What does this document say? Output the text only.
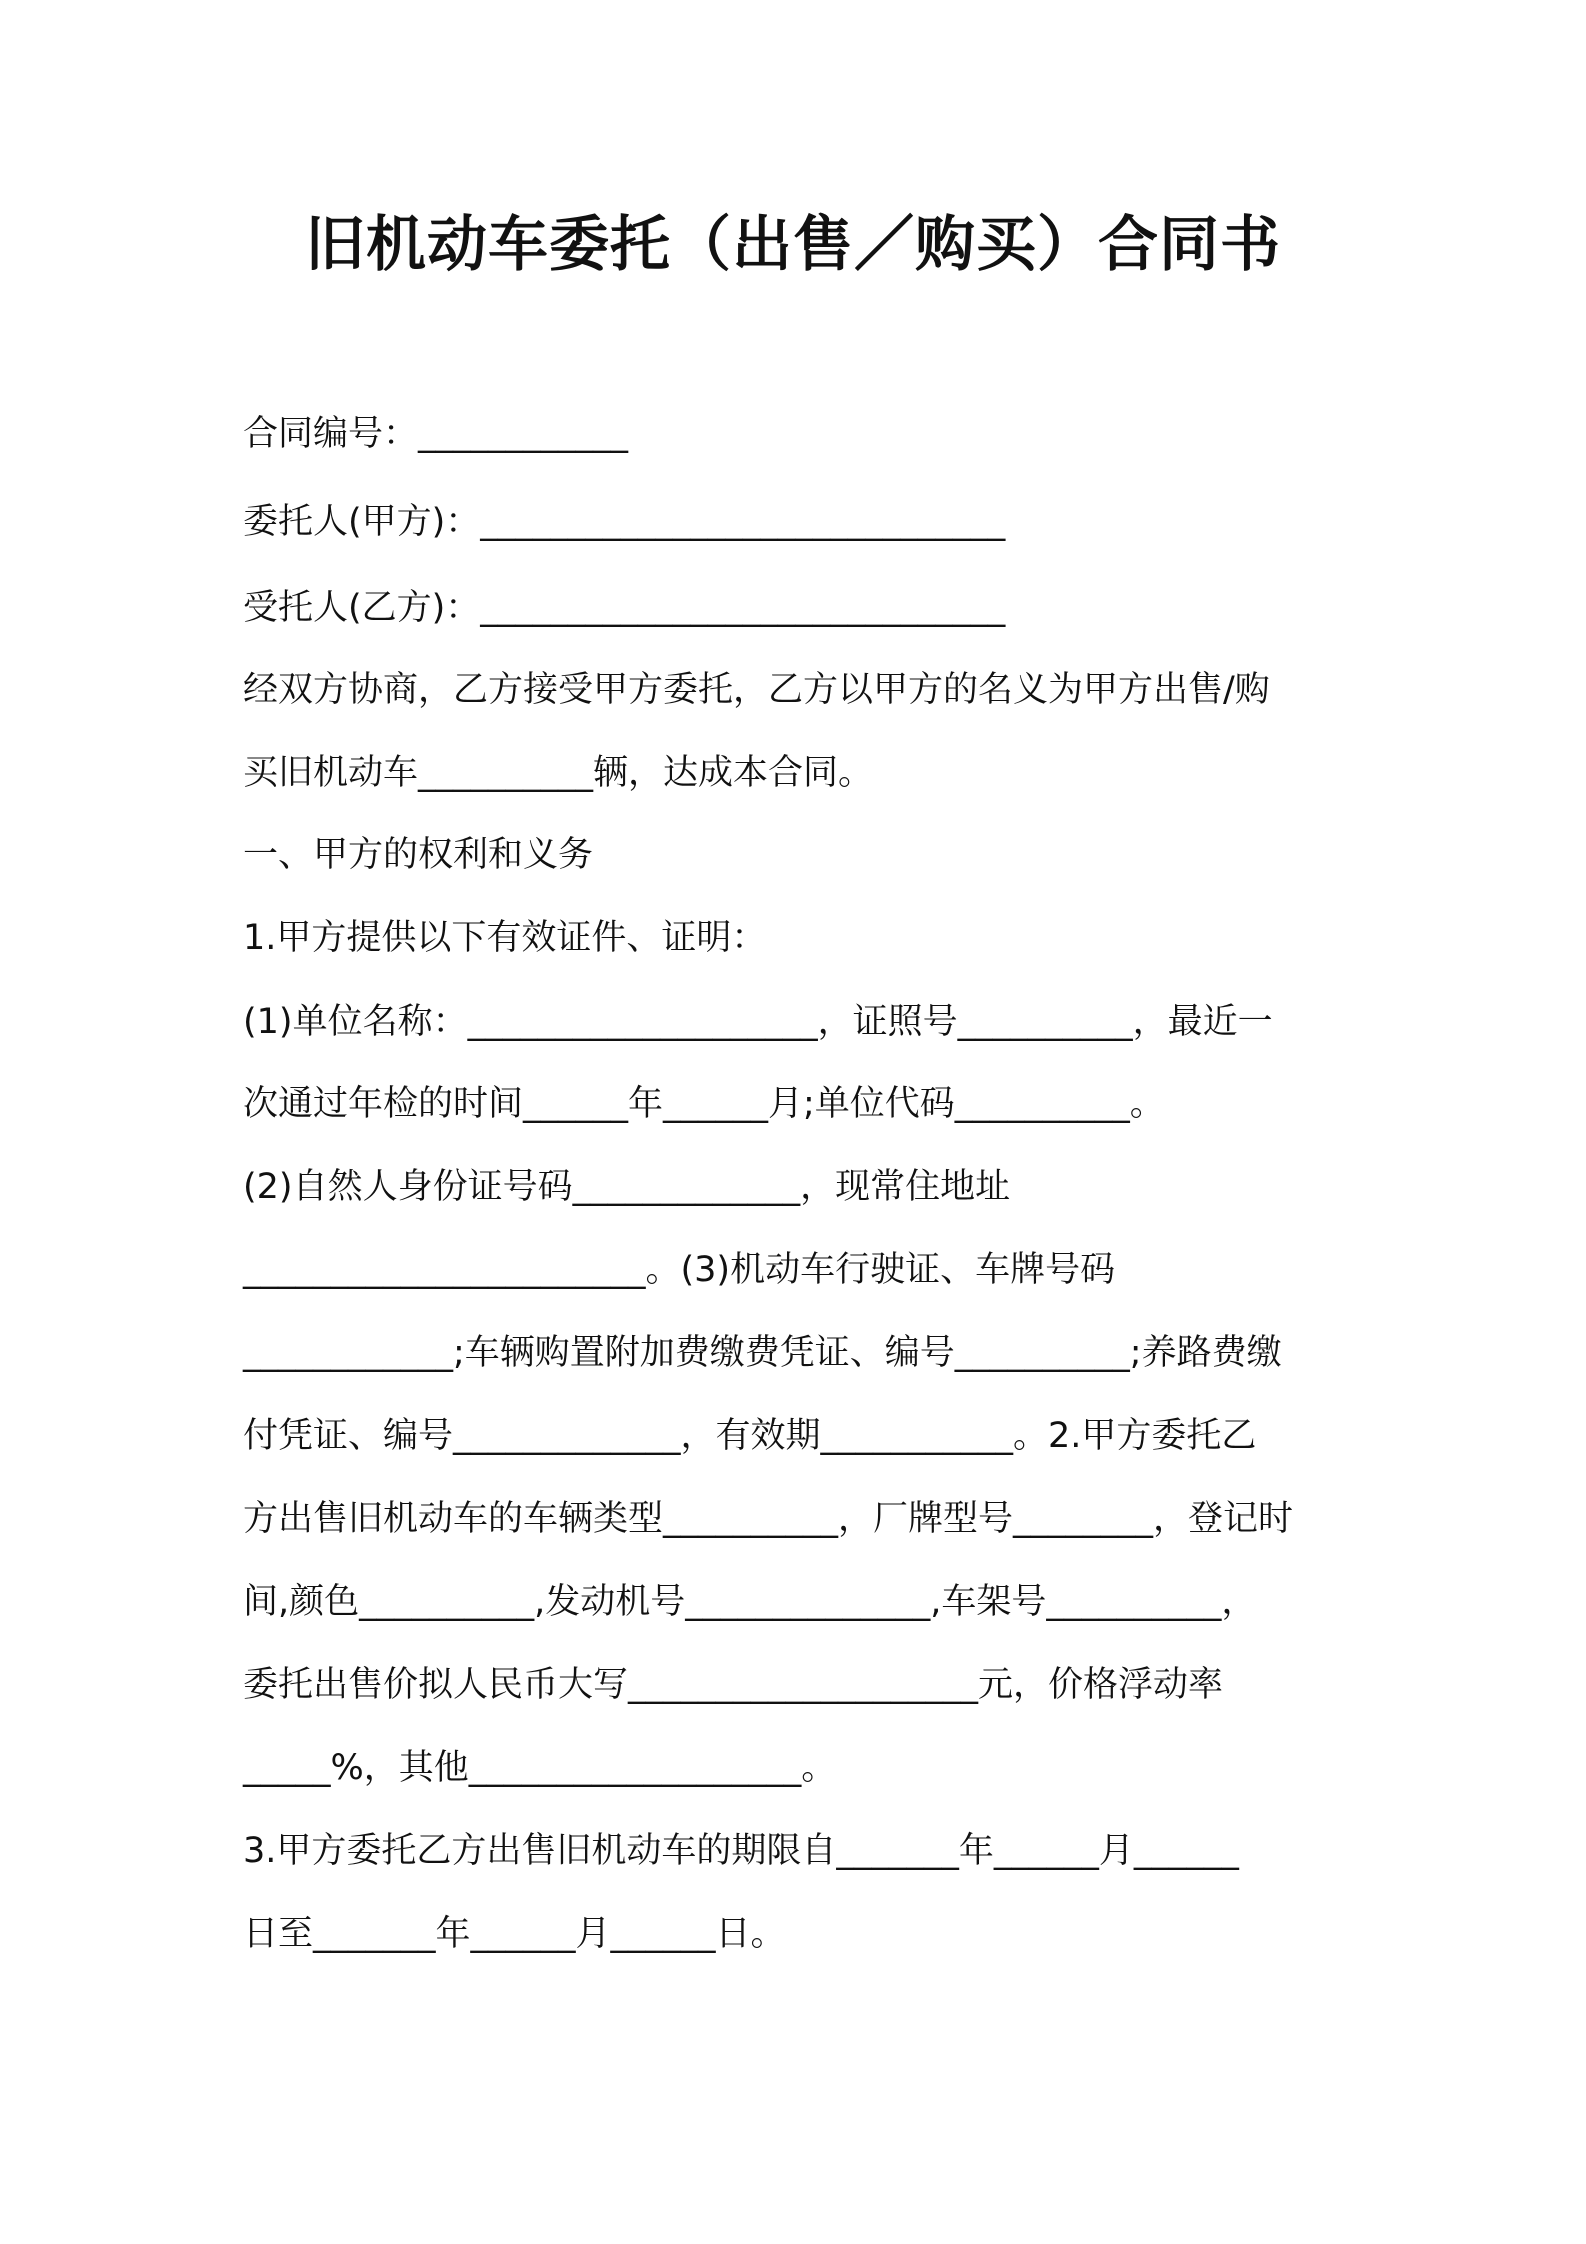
旧机动车委托（出售／购买）合同书
合同编号：____________
委托人(甲方)：______________________________
受托人(乙方)：______________________________
经双方协商，乙方接受甲方委托，乙方以甲方的名义为甲方出售/购
买旧机动车__________辆，达成本合同。
一、甲方的权利和义务
1.甲方提供以下有效证件、证明：
(1)单位名称：____________________，证照号__________，最近一
次通过年检的时间______年______月;单位代码__________。
(2)自然人身份证号码_____________，现常住地址
_______________________。(3)机动车行驶证、车牌号码
____________;车辆购置附加费缴费凭证、编号__________;养路费缴
付凭证、编号_____________，有效期___________。2.甲方委托乙
方出售旧机动车的车辆类型__________，厂牌型号________，登记时
间,颜色__________,发动机号______________,车架号__________，
委托出售价拟人民币大写____________________元，价格浮动率
_____%，其他___________________。
3.甲方委托乙方出售旧机动车的期限自_______年______月______
日至_______年______月______日。
